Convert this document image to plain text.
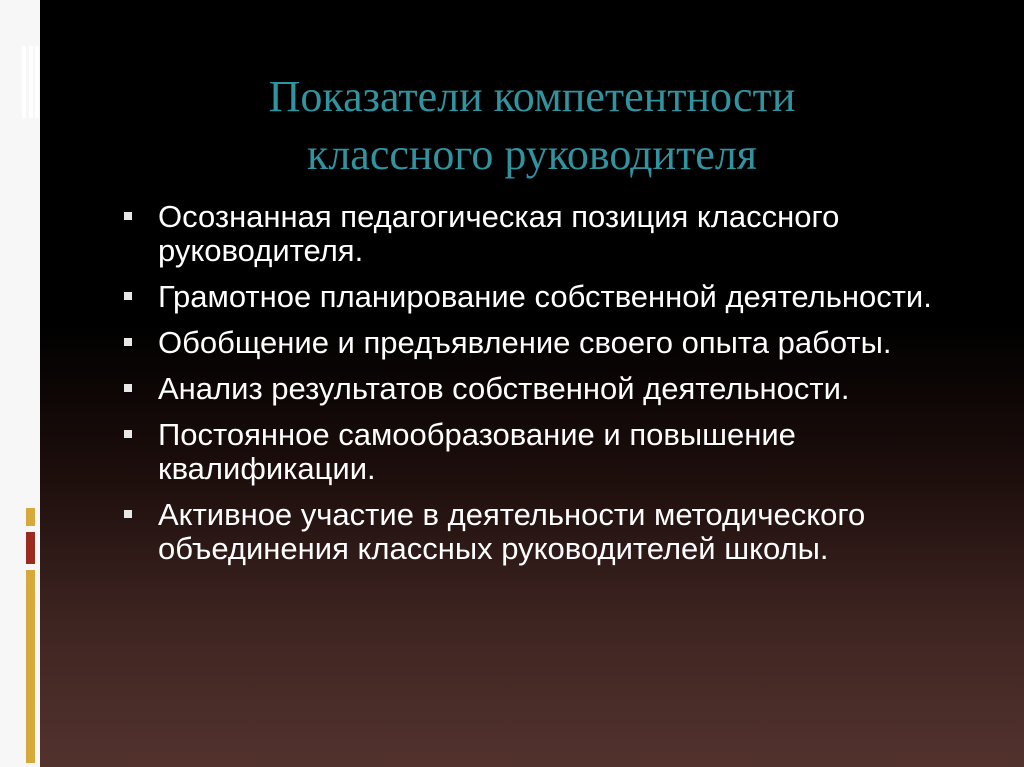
Показатели компетентности
классного руководителя
Осознанная педагогическая позиция классного руководителя.
Грамотное планирование собственной деятельности.
Обобщение и предъявление своего опыта работы.
Анализ результатов собственной деятельности.
Постоянное самообразование и повышение квалификации.
Активное участие в деятельности методического объединения классных руководителей школы.
